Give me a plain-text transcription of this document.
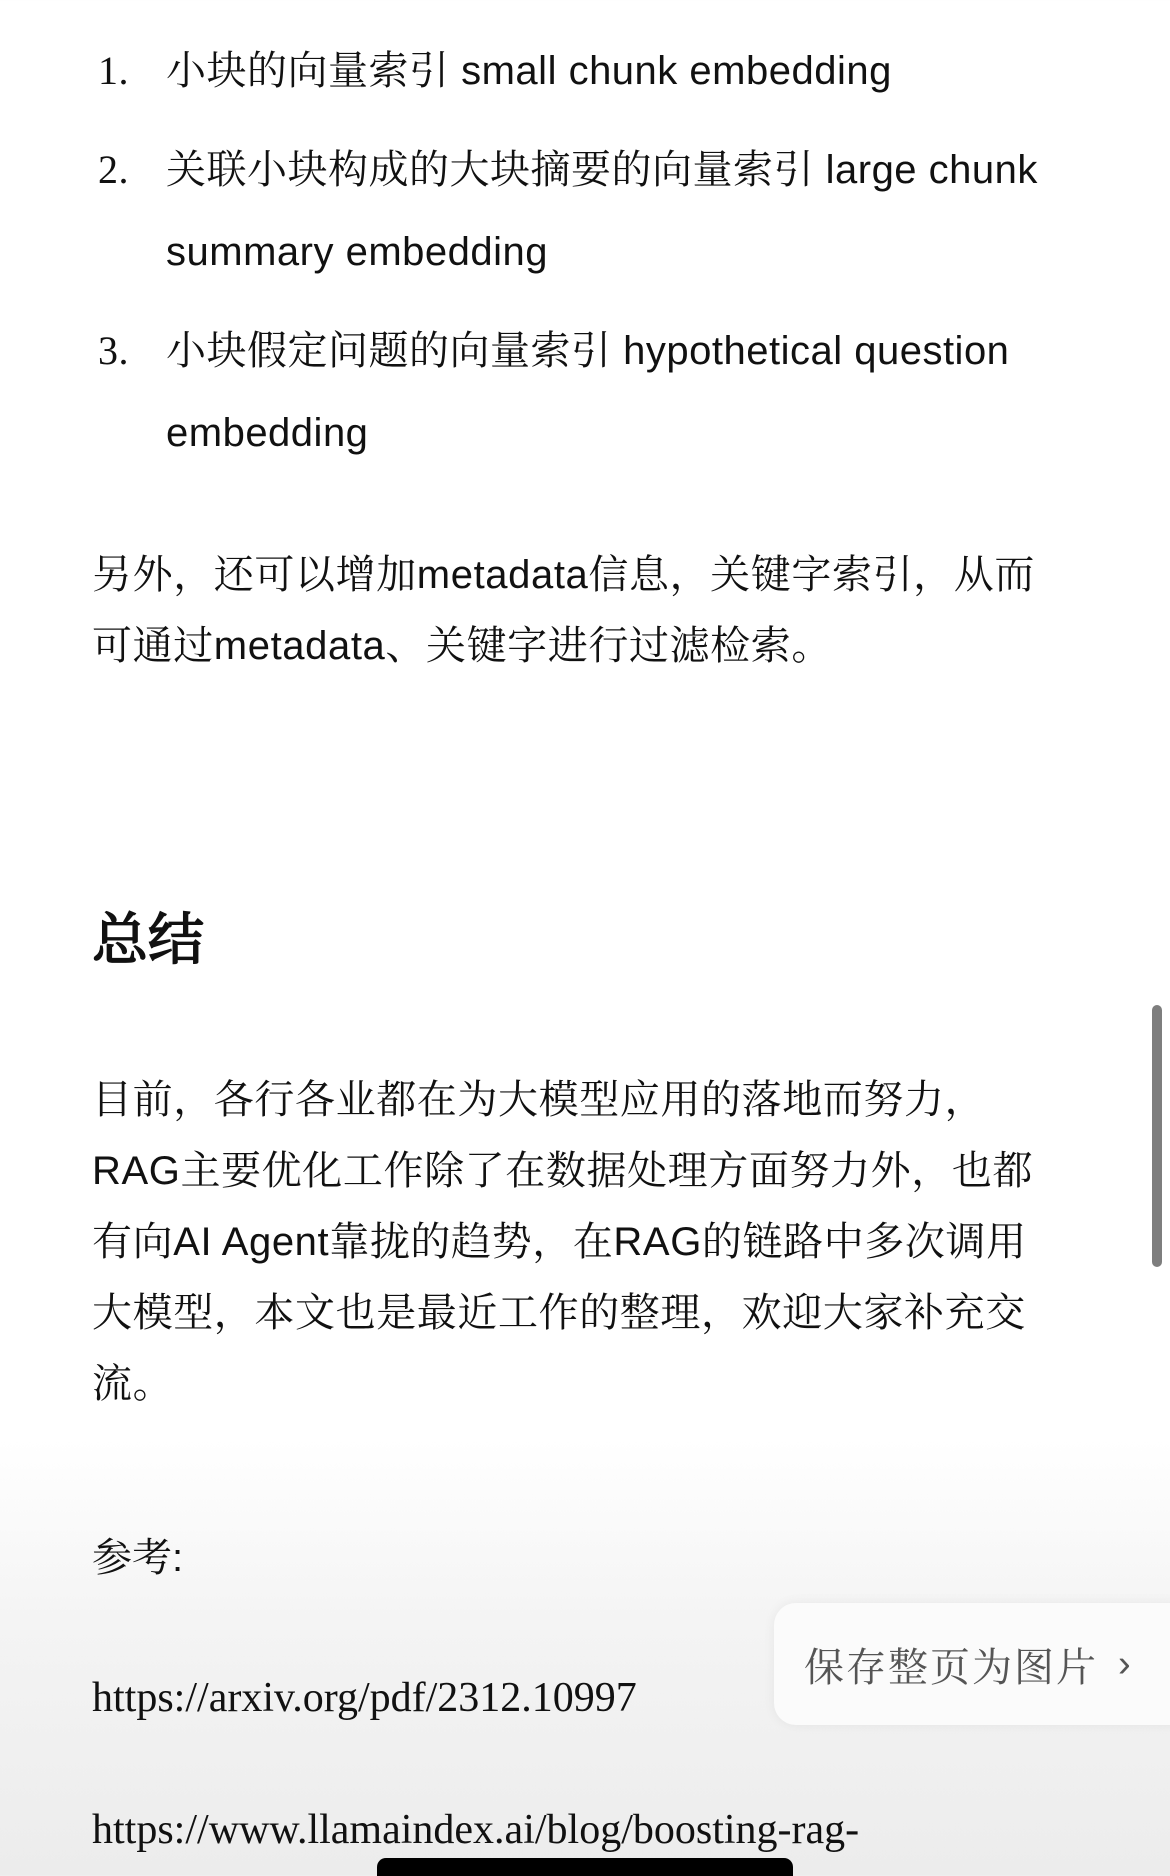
1. 小块的向量索引 small chunk embedding
2. 关联小块构成的大块摘要的向量索引 large chunk summary embedding
3. 小块假定问题的向量索引 hypothetical question embedding

另外，还可以增加metadata信息，关键字索引，从而可通过metadata、关键字进行过滤检索。

总结

目前，各行各业都在为大模型应用的落地而努力，RAG主要优化工作除了在数据处理方面努力外，也都有向AI Agent靠拢的趋势，在RAG的链路中多次调用大模型，本文也是最近工作的整理，欢迎大家补充交流。

参考:
https://arxiv.org/pdf/2312.10997
https://www.llamaindex.ai/blog/boosting-rag-
保存整页为图片 ›
